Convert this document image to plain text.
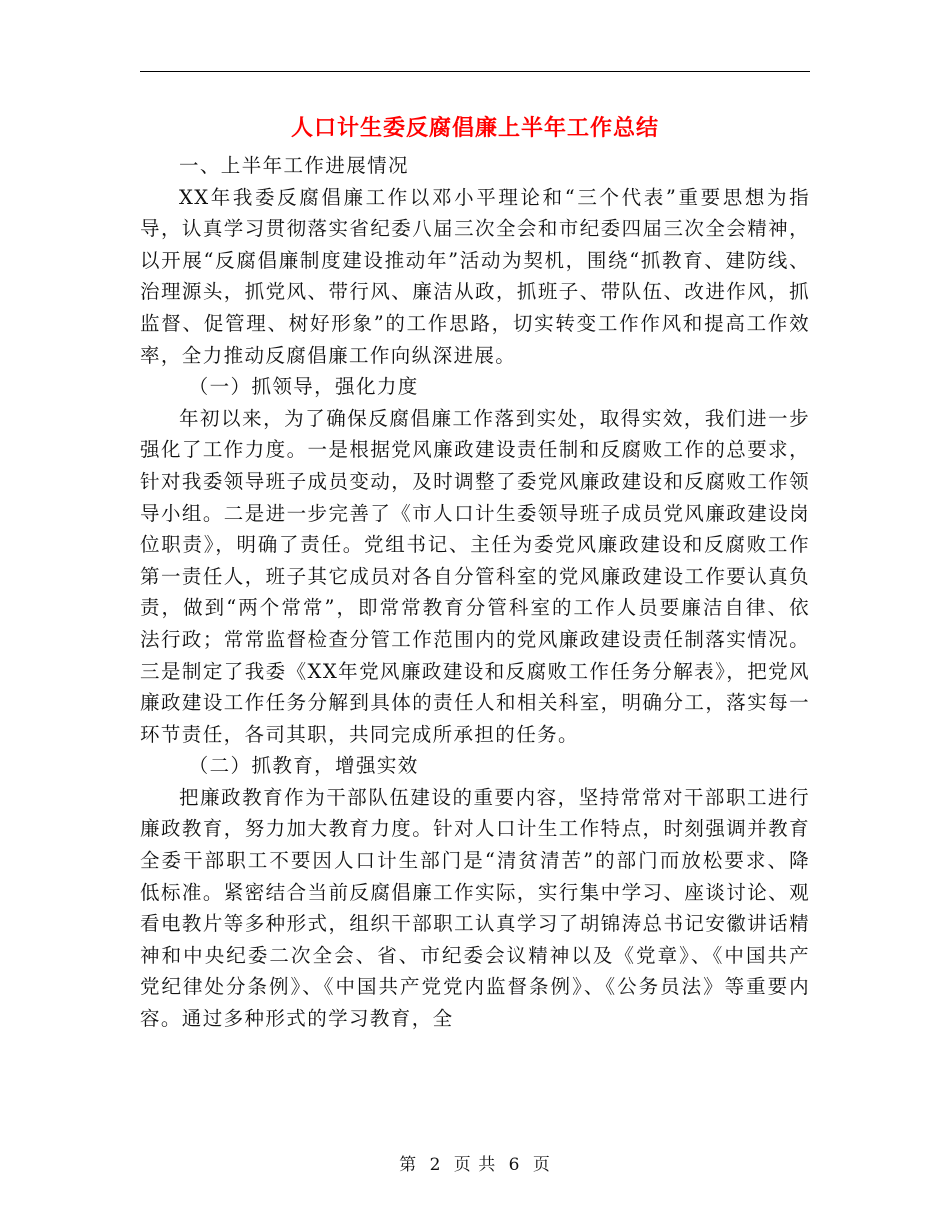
人口计生委反腐倡廉上半年工作总结

一、上半年工作进展情况

XX年我委反腐倡廉工作以邓小平理论和“三个代表”重要思想为指导，认真学习贯彻落实省纪委八届三次全会和市纪委四届三次全会精神，以开展“反腐倡廉制度建设推动年”活动为契机，围绕“抓教育、建防线、治理源头，抓党风、带行风、廉洁从政，抓班子、带队伍、改进作风，抓监督、促管理、树好形象”的工作思路，切实转变工作作风和提高工作效率，全力推动反腐倡廉工作向纵深进展。

（一）抓领导，强化力度

年初以来，为了确保反腐倡廉工作落到实处，取得实效，我们进一步强化了工作力度。一是根据党风廉政建设责任制和反腐败工作的总要求，针对我委领导班子成员变动，及时调整了委党风廉政建设和反腐败工作领导小组。二是进一步完善了《市人口计生委领导班子成员党风廉政建设岗位职责》，明确了责任。党组书记、主任为委党风廉政建设和反腐败工作第一责任人，班子其它成员对各自分管科室的党风廉政建设工作要认真负责，做到“两个常常”，即常常教育分管科室的工作人员要廉洁自律、依法行政；常常监督检查分管工作范围内的党风廉政建设责任制落实情况。三是制定了我委《XX年党风廉政建设和反腐败工作任务分解表》，把党风廉政建设工作任务分解到具体的责任人和相关科室，明确分工，落实每一环节责任，各司其职，共同完成所承担的任务。

（二）抓教育，增强实效

把廉政教育作为干部队伍建设的重要内容，坚持常常对干部职工进行廉政教育，努力加大教育力度。针对人口计生工作特点，时刻强调并教育全委干部职工不要因人口计生部门是“清贫清苦”的部门而放松要求、降低标准。紧密结合当前反腐倡廉工作实际，实行集中学习、座谈讨论、观看电教片等多种形式，组织干部职工认真学习了胡锦涛总书记安徽讲话精神和中央纪委二次全会、省、市纪委会议精神以及《党章》、《中国共产党纪律处分条例》、《中国共产党党内监督条例》、《公务员法》等重要内容。通过多种形式的学习教育，全

第 2 页 共 6 页
